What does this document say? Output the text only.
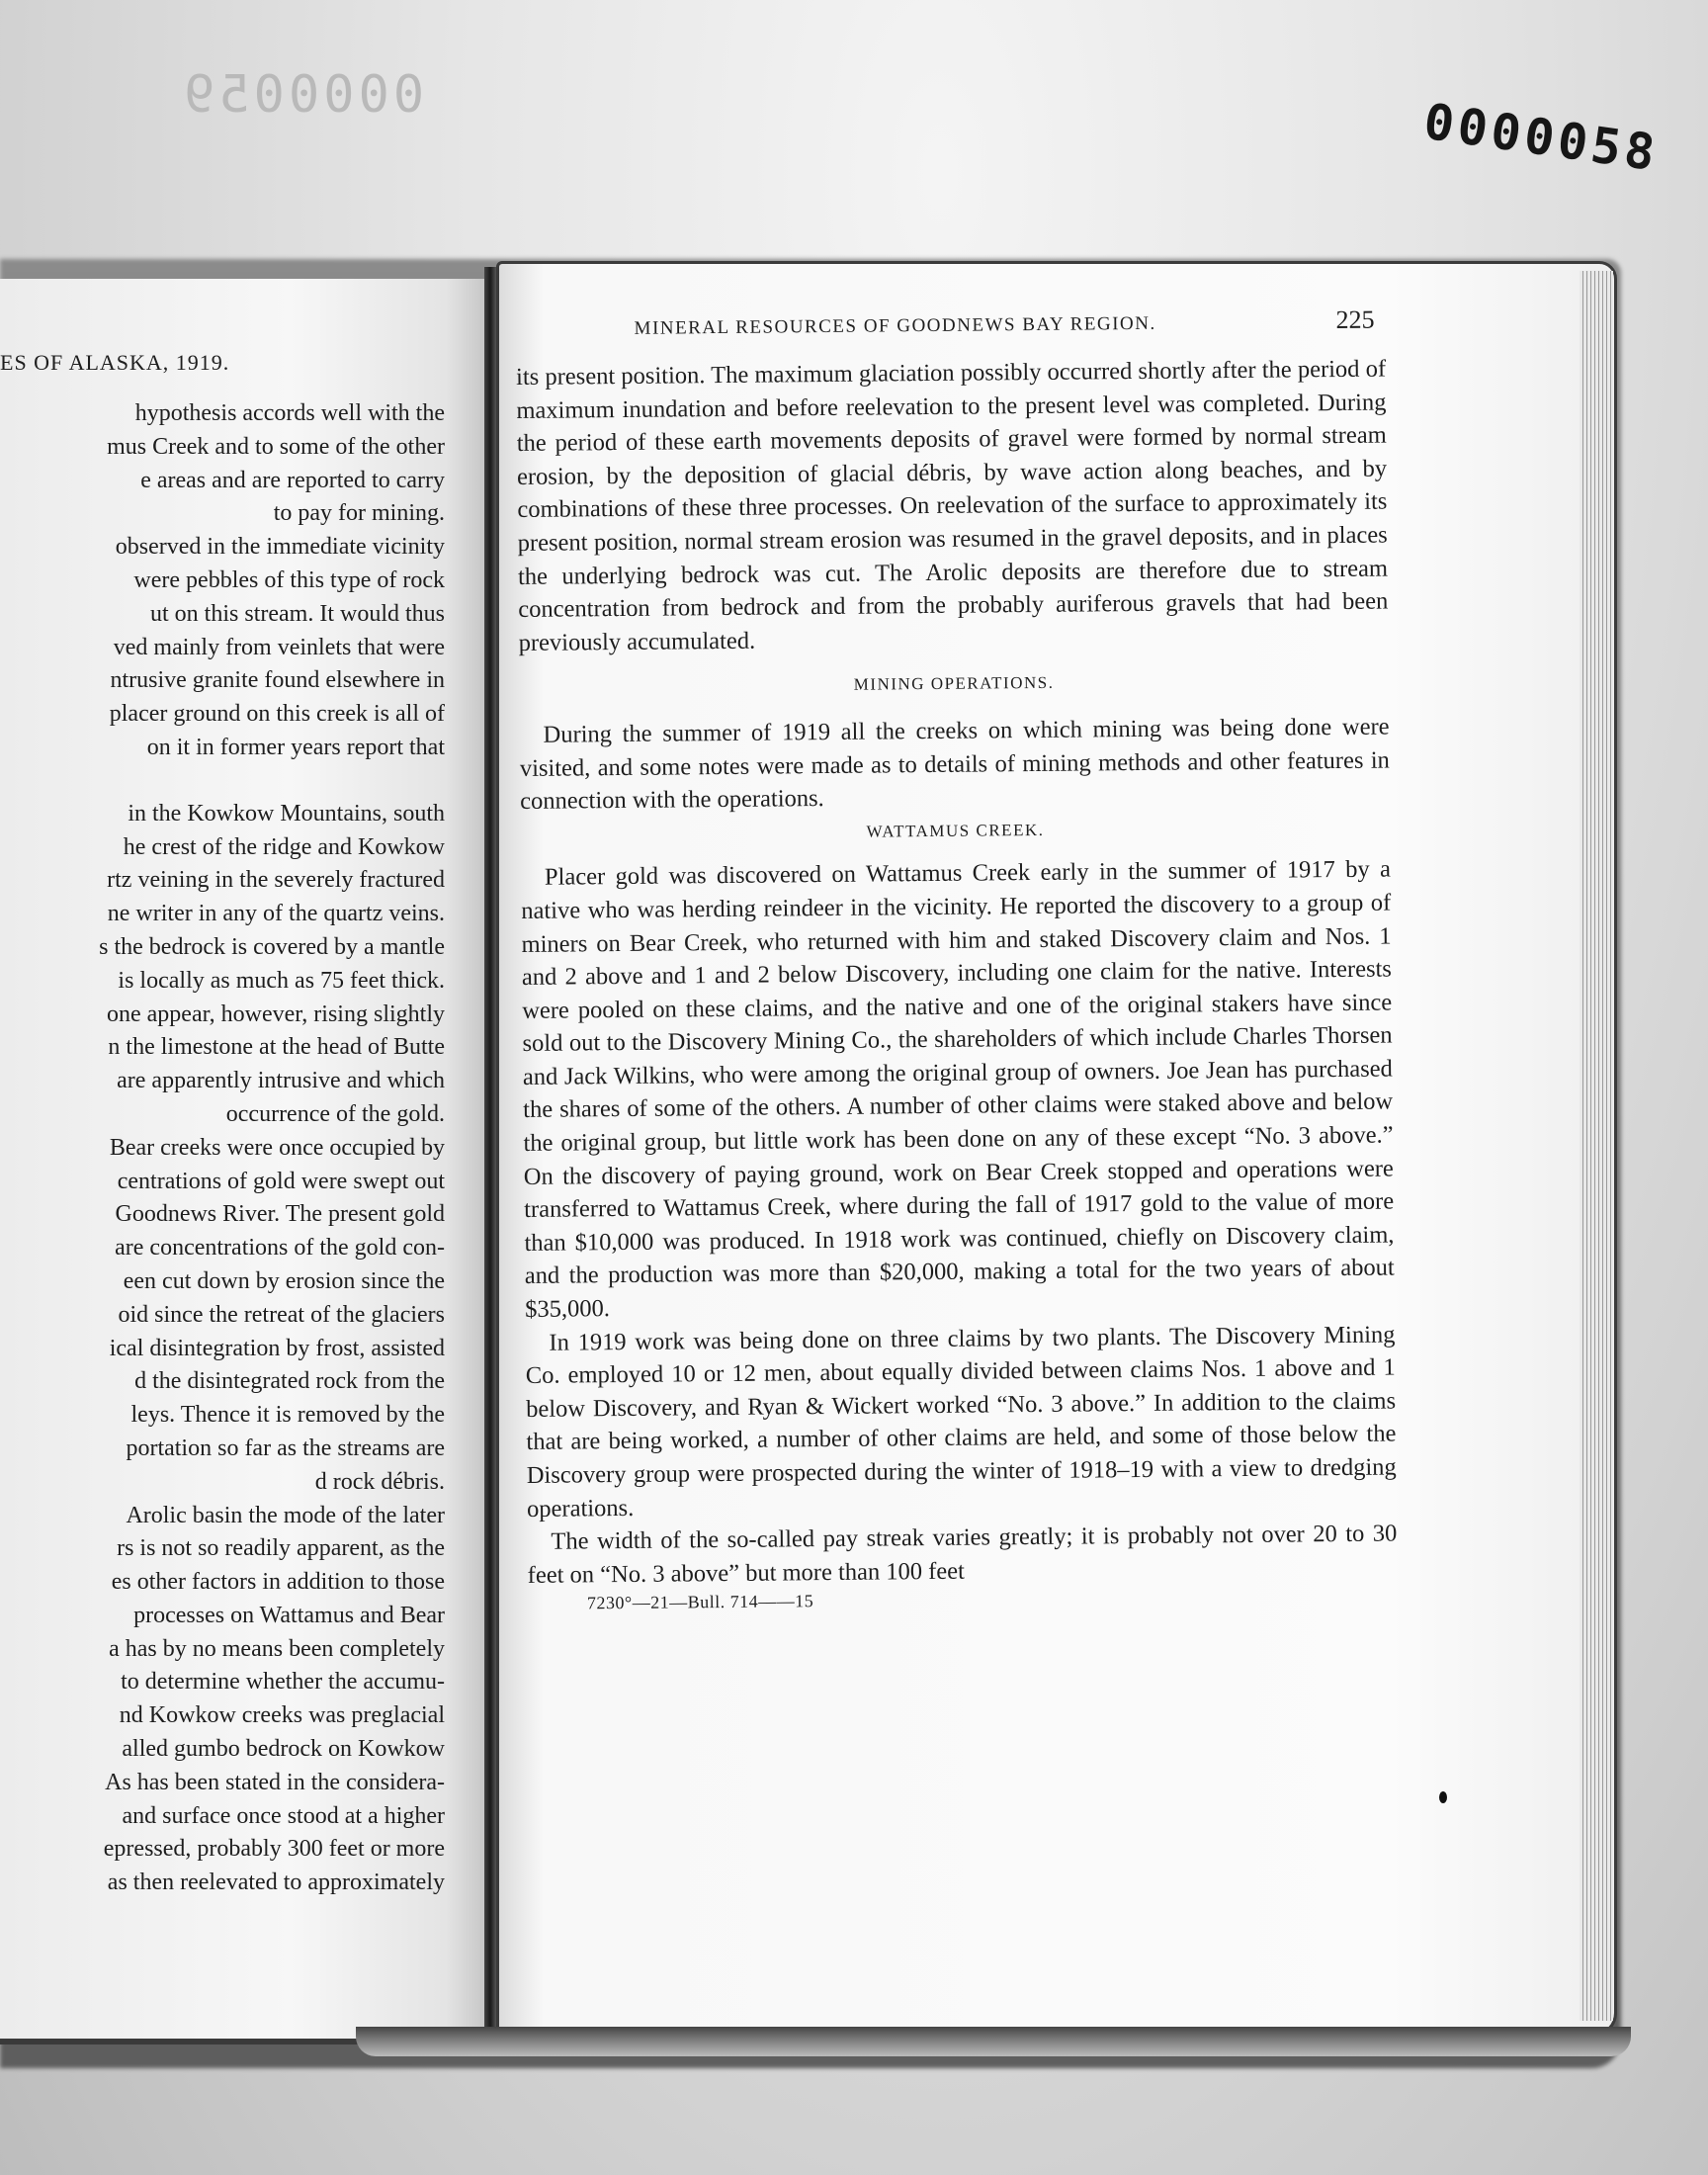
0000059	0000058
ES OF ALASKA, 1919.
hypothesis accords well with the
mus Creek and to some of the other
e areas and are reported to carry
to pay for mining.
observed in the immediate vicinity
were pebbles of this type of rock
ut on this stream. It would thus
ved mainly from veinlets that were
ntrusive granite found elsewhere in
placer ground on this creek is all of
on it in former years report that
in the Kowkow Mountains, south
he crest of the ridge and Kowkow
rtz veining in the severely fractured
ne writer in any of the quartz veins.
s the bedrock is covered by a mantle
is locally as much as 75 feet thick.
one appear, however, rising slightly
n the limestone at the head of Butte
are apparently intrusive and which
occurrence of the gold.
Bear creeks were once occupied by
centrations of gold were swept out
Goodnews River. The present gold
are concentrations of the gold con-
een cut down by erosion since the
oid since the retreat of the glaciers
ical disintegration by frost, assisted
d the disintegrated rock from the
leys. Thence it is removed by the
portation so far as the streams are
d rock débris.
Arolic basin the mode of the later
rs is not so readily apparent, as the
es other factors in addition to those
processes on Wattamus and Bear
a has by no means been completely
to determine whether the accumu-
nd Kowkow creeks was preglacial
alled gumbo bedrock on Kowkow
As has been stated in the considera-
and surface once stood at a higher
epressed, probably 300 feet or more
as then reelevated to approximately
MINERAL RESOURCES OF GOODNEWS BAY REGION.	225

its present position. The maximum glaciation possibly occurred shortly after the period of maximum inundation and before reelevation to the present level was completed. During the period of these earth movements deposits of gravel were formed by normal stream erosion, by the deposition of glacial débris, by wave action along beaches, and by combinations of these three processes. On reelevation of the surface to approximately its present position, normal stream erosion was resumed in the gravel deposits, and in places the underlying bedrock was cut. The Arolic deposits are therefore due to stream concentration from bedrock and from the probably auriferous gravels that had been previously accumulated.

MINING OPERATIONS.

During the summer of 1919 all the creeks on which mining was being done were visited, and some notes were made as to details of mining methods and other features in connection with the operations.

WATTAMUS CREEK.

Placer gold was discovered on Wattamus Creek early in the summer of 1917 by a native who was herding reindeer in the vicinity. He reported the discovery to a group of miners on Bear Creek, who returned with him and staked Discovery claim and Nos. 1 and 2 above and 1 and 2 below Discovery, including one claim for the native. Interests were pooled on these claims, and the native and one of the original stakers have since sold out to the Discovery Mining Co., the shareholders of which include Charles Thorsen and Jack Wilkins, who were among the original group of owners. Joe Jean has purchased the shares of some of the others. A number of other claims were staked above and below the original group, but little work has been done on any of these except “No. 3 above.” On the discovery of paying ground, work on Bear Creek stopped and operations were transferred to Wattamus Creek, where during the fall of 1917 gold to the value of more than $10,000 was produced. In 1918 work was continued, chiefly on Discovery claim, and the production was more than $20,000, making a total for the two years of about $35,000.

In 1919 work was being done on three claims by two plants. The Discovery Mining Co. employed 10 or 12 men, about equally divided between claims Nos. 1 above and 1 below Discovery, and Ryan & Wickert worked “No. 3 above.” In addition to the claims that are being worked, a number of other claims are held, and some of those below the Discovery group were prospected during the winter of 1918–19 with a view to dredging operations.

The width of the so-called pay streak varies greatly; it is probably not over 20 to 30 feet on “No. 3 above” but more than 100 feet

7230°—21—Bull. 714——15
